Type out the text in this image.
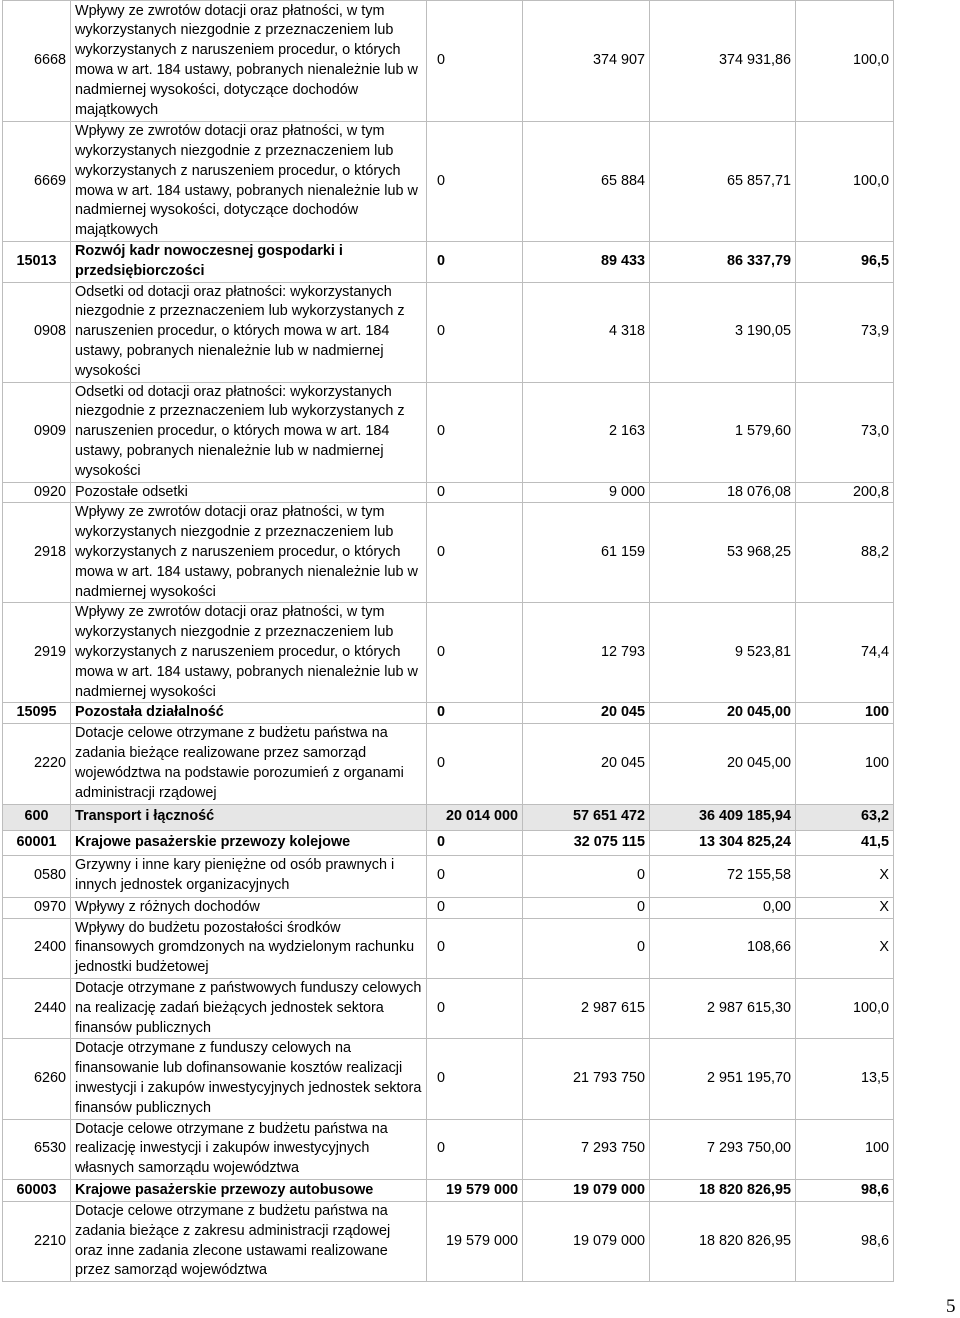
6668	Wpływy ze zwrotów dotacji oraz płatności, w tym wykorzystanych niezgodnie z przeznaczeniem lub wykorzystanych z naruszeniem procedur, o których mowa w art. 184 ustawy, pobranych nienależnie lub w nadmiernej wysokości, dotyczące dochodów majątkowych	0	374 907	374 931,86	100,0
6669	Wpływy ze zwrotów dotacji oraz płatności, w tym wykorzystanych niezgodnie z przeznaczeniem lub wykorzystanych z naruszeniem procedur, o których mowa w art. 184 ustawy, pobranych nienależnie lub w nadmiernej wysokości, dotyczące dochodów majątkowych	0	65 884	65 857,71	100,0
15013	Rozwój kadr nowoczesnej gospodarki i przedsiębiorczości	0	89 433	86 337,79	96,5
0908	Odsetki od dotacji oraz płatności: wykorzystanych niezgodnie z przeznaczeniem lub wykorzystanych z naruszenien procedur, o których mowa w art. 184 ustawy, pobranych nienależnie lub w nadmiernej wysokości	0	4 318	3 190,05	73,9
0909	Odsetki od dotacji oraz płatności: wykorzystanych niezgodnie z przeznaczeniem lub wykorzystanych z naruszenien procedur, o których mowa w art. 184 ustawy, pobranych nienależnie lub w nadmiernej wysokości	0	2 163	1 579,60	73,0
0920	Pozostałe odsetki	0	9 000	18 076,08	200,8
2918	Wpływy ze zwrotów dotacji oraz płatności, w tym wykorzystanych niezgodnie z przeznaczeniem lub wykorzystanych z naruszeniem procedur, o których mowa w art. 184 ustawy, pobranych nienależnie lub w nadmiernej wysokości	0	61 159	53 968,25	88,2
2919	Wpływy ze zwrotów dotacji oraz płatności, w tym wykorzystanych niezgodnie z przeznaczeniem lub wykorzystanych z naruszeniem procedur, o których mowa w art. 184 ustawy, pobranych nienależnie lub w nadmiernej wysokości	0	12 793	9 523,81	74,4
15095	Pozostała działalność	0	20 045	20 045,00	100
2220	Dotacje celowe otrzymane z budżetu państwa na zadania bieżące realizowane przez samorząd województwa na podstawie porozumień z organami administracji rządowej	0	20 045	20 045,00	100
600	Transport i łączność	20 014 000	57 651 472	36 409 185,94	63,2
60001	Krajowe pasażerskie przewozy kolejowe	0	32 075 115	13 304 825,24	41,5
0580	Grzywny i inne kary pieniężne od osób prawnych i innych jednostek organizacyjnych	0	0	72 155,58	X
0970	Wpływy z różnych dochodów	0	0	0,00	X
2400	Wpływy do budżetu pozostałości środków finansowych gromdzonych na wydzielonym rachunku jednostki budżetowej	0	0	108,66	X
2440	Dotacje otrzymane z państwowych funduszy celowych na realizację zadań bieżących jednostek sektora finansów publicznych	0	2 987 615	2 987 615,30	100,0
6260	Dotacje otrzymane z funduszy celowych na finansowanie lub dofinansowanie kosztów realizacji inwestycji i zakupów inwestycyjnych jednostek sektora finansów publicznych	0	21 793 750	2 951 195,70	13,5
6530	Dotacje celowe otrzymane z budżetu państwa na realizację inwestycji i zakupów inwestycyjnych własnych samorządu województwa	0	7 293 750	7 293 750,00	100
60003	Krajowe pasażerskie przewozy autobusowe	19 579 000	19 079 000	18 820 826,95	98,6
2210	Dotacje celowe otrzymane z budżetu państwa na zadania bieżące z zakresu administracji rządowej oraz inne zadania zlecone ustawami realizowane przez samorząd województwa	19 579 000	19 079 000	18 820 826,95	98,6
5
